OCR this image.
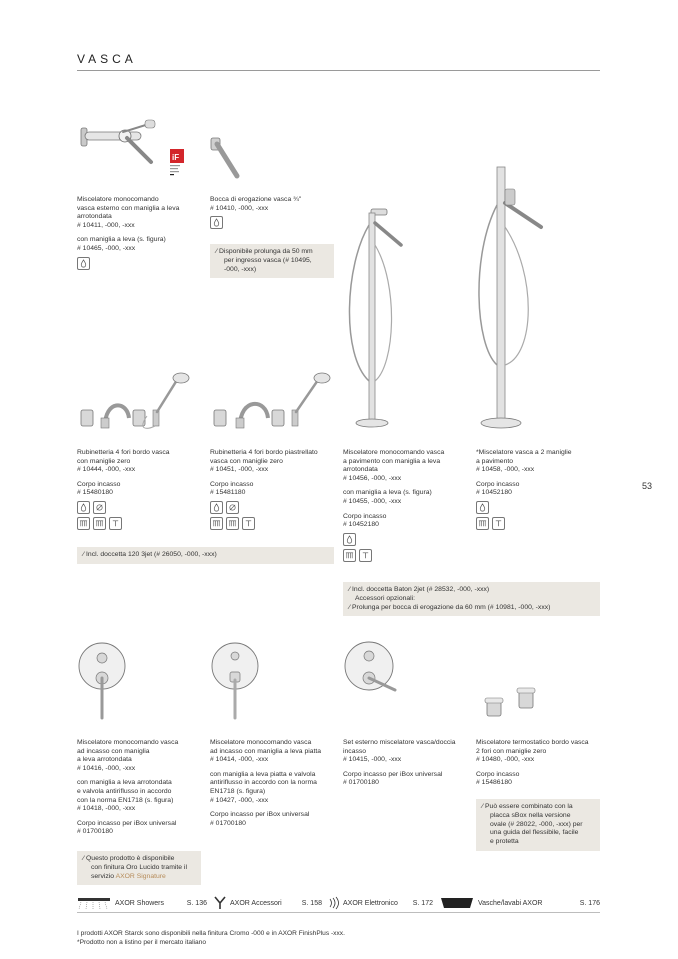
VASCA
53
iF

Miscelatore monocomando
vasca esterno con maniglia a leva
arrotondata
# 10411, -000, -xxx

con maniglia a leva (s. figura)
# 10465, -000, -xxx

Bocca di erogazione vasca ¾"
# 10410, -000, -xxx

⁄ Disponibile prolunga da 50 mm

per ingresso vasca (# 10495,

-000, -xxx)

Rubinetteria 4 fori bordo vasca
con maniglie zero
# 10444, -000, -xxx

Corpo incasso
# 15480180

Rubinetteria 4 fori bordo piastrellato
vasca con maniglie zero
# 10451, -000, -xxx

Corpo incasso
# 15481180

Miscelatore monocomando vasca
a pavimento con maniglia a leva
arrotondata
# 10456, -000, -xxx

con maniglia a leva (s. figura)
# 10455, -000, -xxx

Corpo incasso
# 10452180

*Miscelatore vasca a 2 maniglie
a pavimento
# 10458, -000, -xxx

Corpo incasso
# 10452180

⁄ Incl. doccetta 120 3jet (# 26050, -000, -xxx)

⁄ Incl. doccetta Baton 2jet (# 28532, -000, -xxx)

Accessori opzionali:

⁄ Prolunga per bocca di erogazione da 60 mm (# 10981, -000, -xxx)

Miscelatore monocomando vasca
ad incasso con maniglia
a leva arrotondata
# 10416, -000, -xxx

con maniglia a leva arrotondata
e valvola antiriflusso in accordo
con la norma EN1718 (s. figura)
# 10418, -000, -xxx

Corpo incasso per iBox universal
# 01700180

Miscelatore monocomando vasca
ad incasso con maniglia a leva piatta
# 10414, -000, -xxx

con maniglia a leva piatta e valvola
antiriflusso in accordo con la norma
EN1718 (s. figura)
# 10427, -000, -xxx

Corpo incasso per iBox universal
# 01700180

Set esterno miscelatore vasca/doccia
incasso
# 10415, -000, -xxx

Corpo incasso per iBox universal
# 01700180

Miscelatore termostatico bordo vasca
2 fori con maniglie zero
# 10480, -000, -xxx

Corpo incasso
# 15486180

⁄ Questo prodotto è disponibile

con finitura Oro Lucido tramite il

servizio AXOR Signature

⁄ Può essere combinato con la

placca sBox nella versione

ovale (# 28022, -000, -xxx) per

una guida del flessibile, facile

e protetta

AXOR Showers	S. 136	AXOR Accessori	S. 158	AXOR Elettronico S. 172	Vasche/lavabi AXOR	S. 176

I prodotti AXOR Starck sono disponibili nella finitura Cromo -000 e in AXOR FinishPlus -xxx.

*Prodotto non a listino per il mercato italiano
